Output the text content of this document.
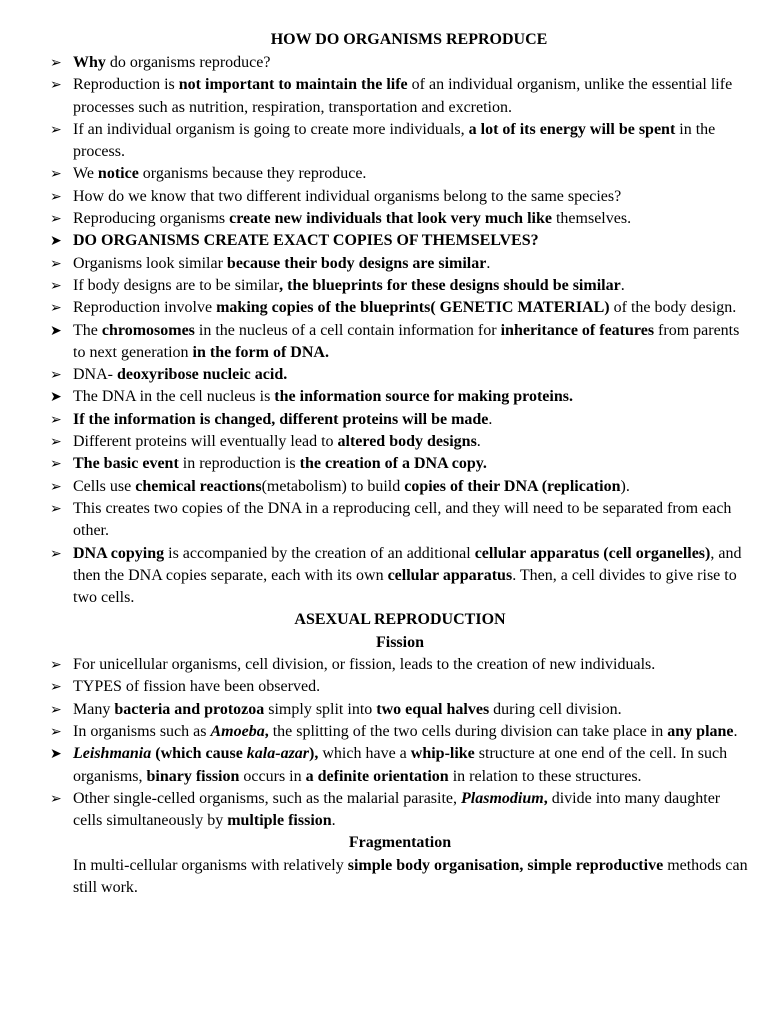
HOW DO ORGANISMS REPRODUCE
➢ Why do organisms reproduce?
➢ Reproduction is not important to maintain the life of an individual organism, unlike the essential life processes such as nutrition, respiration, transportation and excretion.
➢ If an individual organism is going to create more individuals, a lot of its energy will be spent in the process.
➢ We notice organisms because they reproduce.
➢ How do we know that two different individual organisms belong to the same species?
➢ Reproducing organisms create new individuals that look very much like themselves.
➤ DO ORGANISMS CREATE EXACT COPIES OF THEMSELVES?
➢ Organisms look similar because their body designs are similar.
➢ If body designs are to be similar, the blueprints for these designs should be similar.
➢ Reproduction involve making copies of the blueprints( GENETIC MATERIAL) of the body design.
➤ The chromosomes in the nucleus of a cell contain information for inheritance of features from parents to next generation in the form of DNA.
➢ DNA- deoxyribose nucleic acid.
➤ The DNA in the cell nucleus is the information source for making proteins.
➢ If the information is changed, different proteins will be made.
➢ Different proteins will eventually lead to altered body designs.
➢ The basic event in reproduction is the creation of a DNA copy.
➢ Cells use chemical reactions(metabolism) to build copies of their DNA (replication).
➢ This creates two copies of the DNA in a reproducing cell, and they will need to be separated from each other.
➢ DNA copying is accompanied by the creation of an additional cellular apparatus (cell organelles), and then the DNA copies separate, each with its own cellular apparatus. Then, a cell divides to give rise to two cells.

ASEXUAL REPRODUCTION

Fission

➢ For unicellular organisms, cell division, or fission, leads to the creation of new individuals.
➢ TYPES of fission have been observed.
➢ Many bacteria and protozoa simply split into two equal halves during cell division.
➢ In organisms such as Amoeba, the splitting of the two cells during division can take place in any plane.
➤ Leishmania (which cause kala-azar), which have a whip-like structure at one end of the cell. In such organisms, binary fission occurs in a definite orientation in relation to these structures.
➢ Other single-celled organisms, such as the malarial parasite, Plasmodium, divide into many daughter cells simultaneously by multiple fission.

Fragmentation

In multi-cellular organisms with relatively simple body organisation, simple reproductive methods can still work.
